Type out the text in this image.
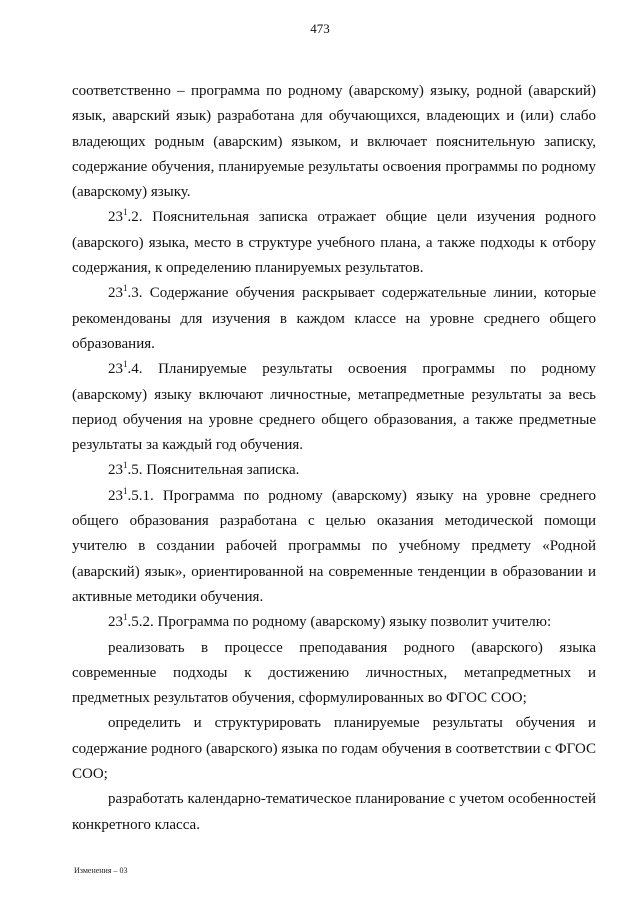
473

соответственно – программа по родному (аварскому) языку, родной (аварский) язык, аварский язык) разработана для обучающихся, владеющих и (или) слабо владеющих родным (аварским) языком, и включает пояснительную записку, содержание обучения, планируемые результаты освоения программы по родному (аварскому) языку.

$23^1.2$. Пояснительная записка отражает общие цели изучения родного (аварского) языка, место в структуре учебного плана, а также подходы к отбору содержания, к определению планируемых результатов.

$23^1.3$. Содержание обучения раскрывает содержательные линии, которые рекомендованы для изучения в каждом классе на уровне среднего общего образования.

$23^1.4$. Планируемые результаты освоения программы по родному (аварскому) языку включают личностные, метапредметные результаты за весь период обучения на уровне среднего общего образования, а также предметные результаты за каждый год обучения.

$23^1.5$. Пояснительная записка.

$23^1.5.1$. Программа по родному (аварскому) языку на уровне среднего общего образования разработана с целью оказания методической помощи учителю в создании рабочей программы по учебному предмету «Родной (аварский) язык», ориентированной на современные тенденции в образовании и активные методики обучения.

$23^1.5.2$. Программа по родному (аварскому) языку позволит учителю:

реализовать в процессе преподавания родного (аварского) языка современные подходы к достижению личностных, метапредметных и предметных результатов обучения, сформулированных во ФГОС СОО;

определить и структурировать планируемые результаты обучения и содержание родного (аварского) языка по годам обучения в соответствии с ФГОС СОО;

разработать календарно-тематическое планирование с учетом особенностей конкретного класса.

Изменения – 03
